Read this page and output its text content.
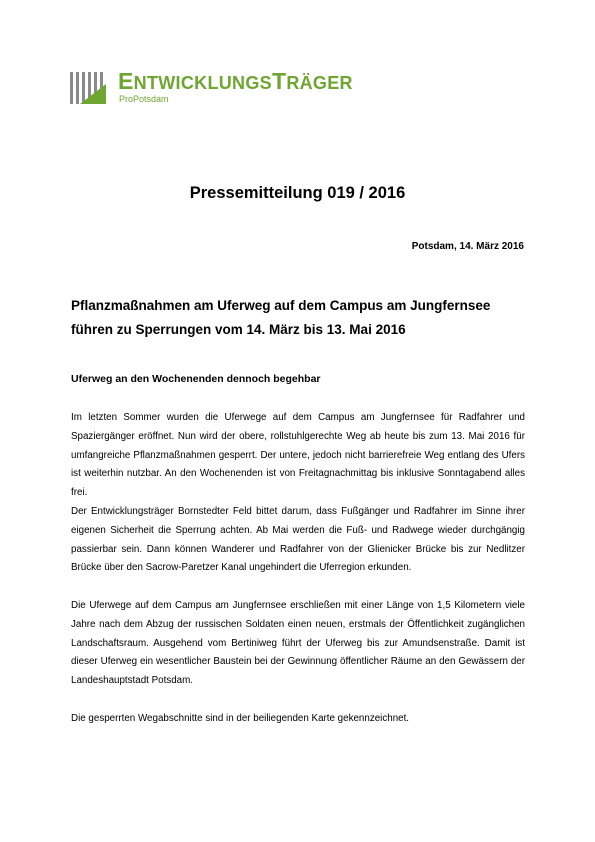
ENTWICKLUNGSTRÄGER
ProPotsdam
Pressemitteilung 019 / 2016
Potsdam, 14. März 2016
Pflanzmaßnahmen am Uferweg auf dem Campus am Jungfernsee führen zu Sperrungen vom 14. März bis 13. Mai 2016
Uferweg an den Wochenenden dennoch begehbar

Im letzten Sommer wurden die Uferwege auf dem Campus am Jungfernsee für Radfahrer und Spaziergänger eröffnet. Nun wird der obere, rollstuhlgerechte Weg ab heute bis zum 13. Mai 2016 für umfangreiche Pflanzmaßnahmen gesperrt. Der untere, jedoch nicht barrierefreie Weg entlang des Ufers ist weiterhin nutzbar. An den Wochenenden ist von Freitagnachmittag bis inklusive Sonntagabend alles frei.

Der Entwicklungsträger Bornstedter Feld bittet darum, dass Fußgänger und Radfahrer im Sinne ihrer eigenen Sicherheit die Sperrung achten. Ab Mai werden die Fuß- und Radwege wieder durchgängig passierbar sein. Dann können Wanderer und Radfahrer von der Glienicker Brücke bis zur Nedlitzer Brücke über den Sacrow-Paretzer Kanal ungehindert die Uferregion erkunden.

Die Uferwege auf dem Campus am Jungfernsee erschließen mit einer Länge von 1,5 Kilometern viele Jahre nach dem Abzug der russischen Soldaten einen neuen, erstmals der Öffentlichkeit zugänglichen Landschaftsraum. Ausgehend vom Bertiniweg führt der Uferweg bis zur Amundsenstraße. Damit ist dieser Uferweg ein wesentlicher Baustein bei der Gewinnung öffentlicher Räume an den Gewässern der Landeshauptstadt Potsdam.

Die gesperrten Wegabschnitte sind in der beiliegenden Karte gekennzeichnet.
